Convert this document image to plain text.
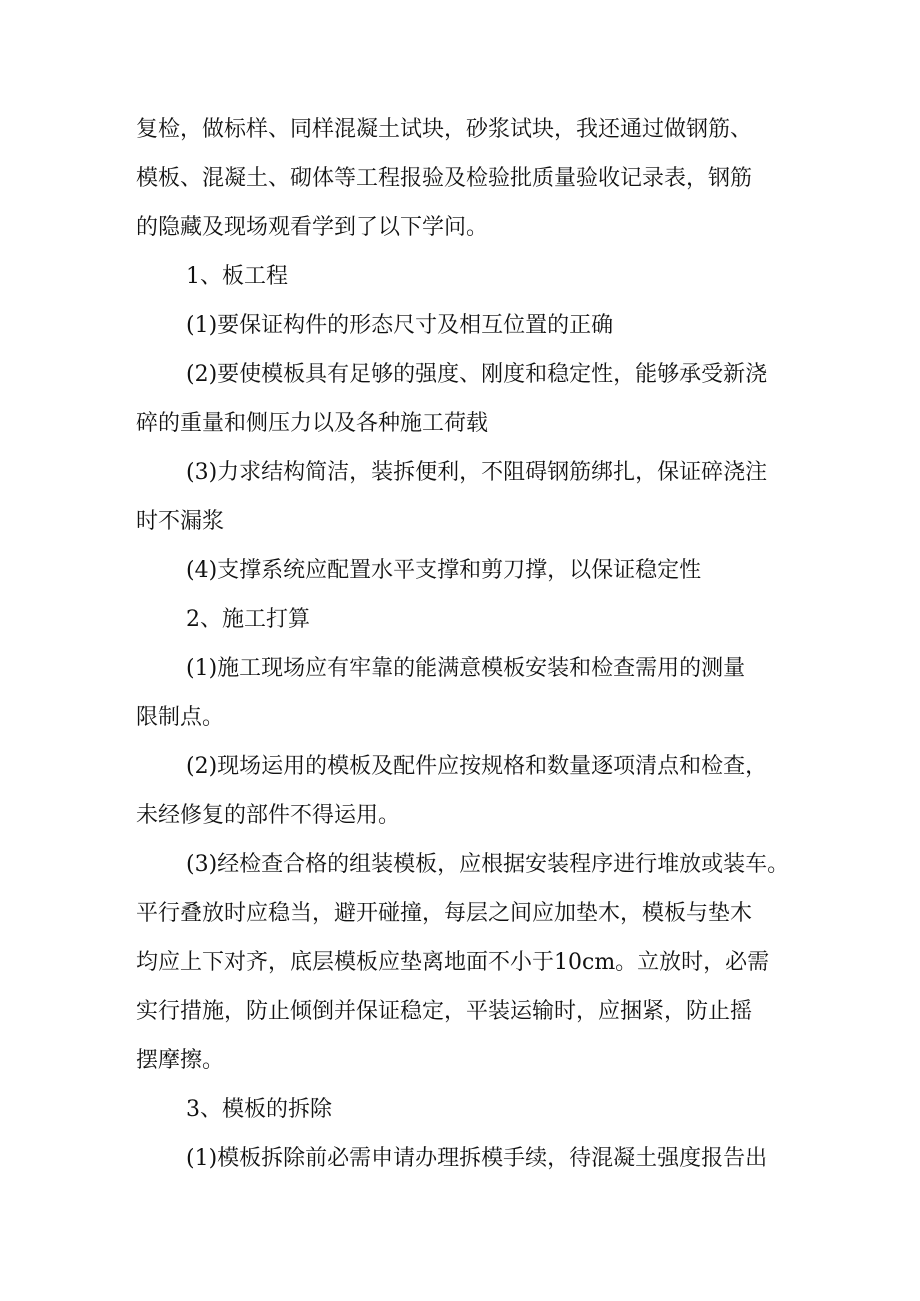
复检，做标样、同样混凝土试块，砂浆试块，我还通过做钢筋、
模板、混凝土、砌体等工程报验及检验批质量验收记录表，钢筋
的隐藏及现场观看学到了以下学问。
1、板工程
(1)要保证构件的形态尺寸及相互位置的正确
(2)要使模板具有足够的强度、刚度和稳定性，能够承受新浇
碎的重量和侧压力以及各种施工荷载
(3)力求结构简洁，装拆便利，不阻碍钢筋绑扎，保证碎浇注
时不漏浆
(4)支撑系统应配置水平支撑和剪刀撑，以保证稳定性
2、施工打算
(1)施工现场应有牢靠的能满意模板安装和检查需用的测量
限制点。
(2)现场运用的模板及配件应按规格和数量逐项清点和检查，
未经修复的部件不得运用。
(3)经检查合格的组装模板，应根据安装程序进行堆放或装车。
平行叠放时应稳当，避开碰撞，每层之间应加垫木，模板与垫木
均应上下对齐，底层模板应垫离地面不小于10cm。立放时，必需
实行措施，防止倾倒并保证稳定，平装运输时，应捆紧，防止摇
摆摩擦。
3、模板的拆除
(1)模板拆除前必需申请办理拆模手续，待混凝土强度报告出
